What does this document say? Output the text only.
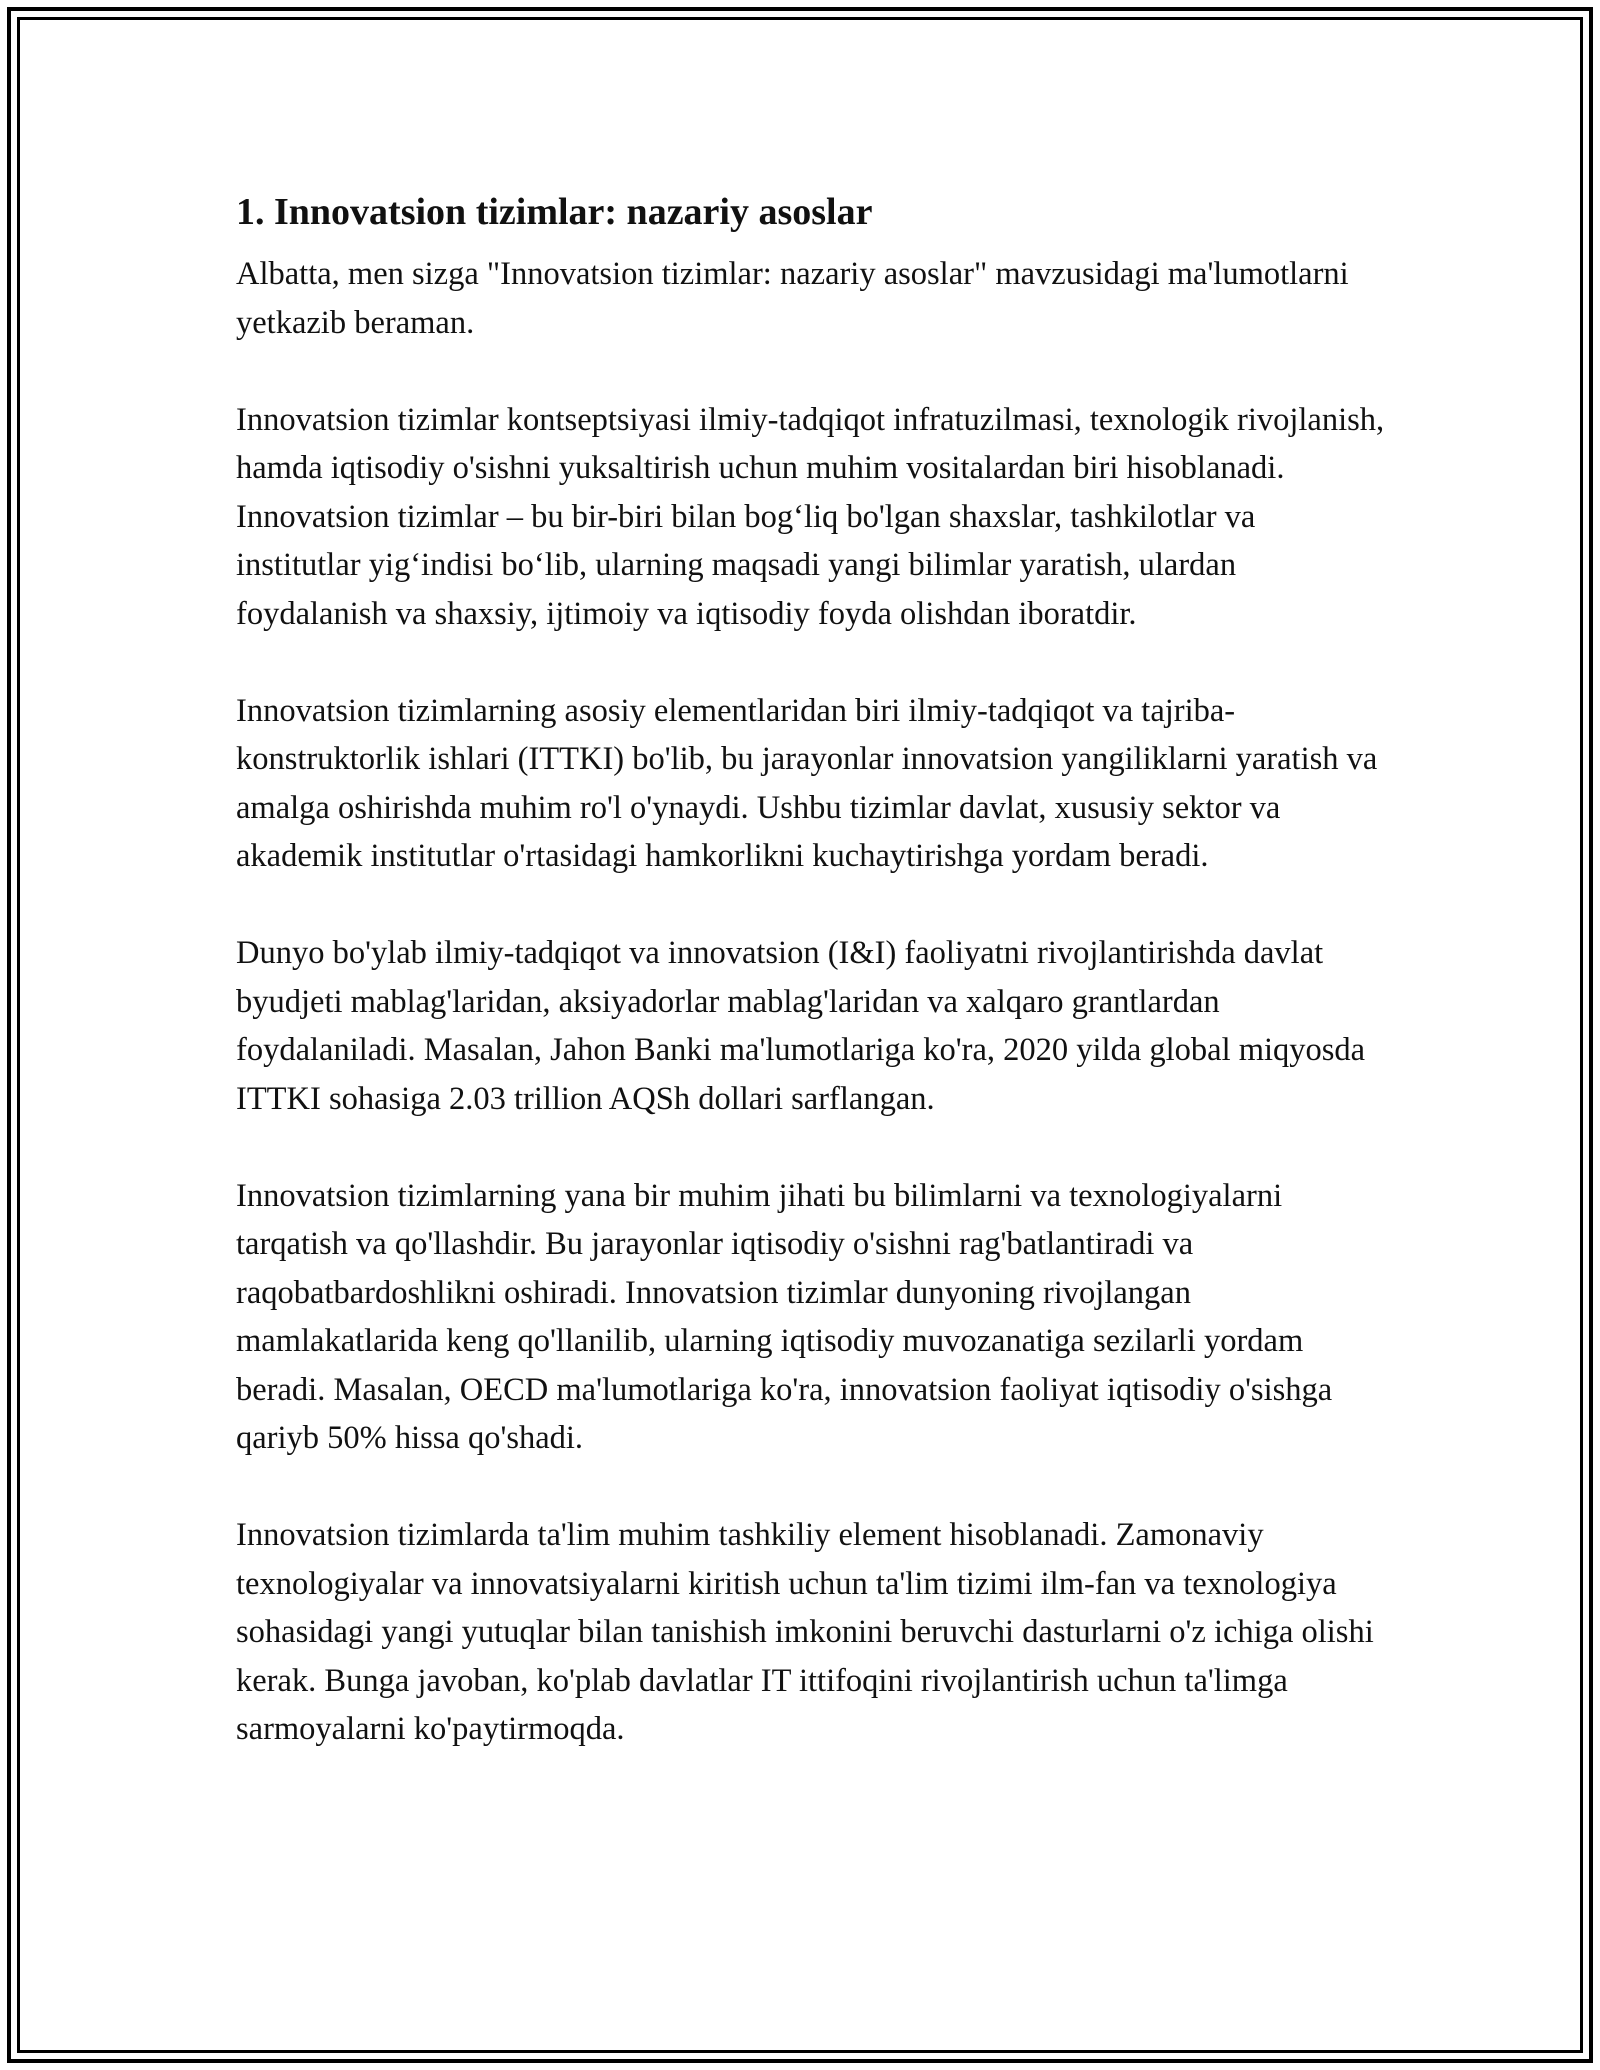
1. Innovatsion tizimlar: nazariy asoslar

Albatta, men sizga "Innovatsion tizimlar: nazariy asoslar" mavzusidagi ma'lumotlarni yetkazib beraman.

Innovatsion tizimlar kontseptsiyasi ilmiy-tadqiqot infratuzilmasi, texnologik rivojlanish, hamda iqtisodiy o'sishni yuksaltirish uchun muhim vositalardan biri hisoblanadi. Innovatsion tizimlar – bu bir-biri bilan bog‘liq bo'lgan shaxslar, tashkilotlar va institutlar yig‘indisi bo‘lib, ularning maqsadi yangi bilimlar yaratish, ulardan foydalanish va shaxsiy, ijtimoiy va iqtisodiy foyda olishdan iboratdir.

Innovatsion tizimlarning asosiy elementlaridan biri ilmiy-tadqiqot va tajriba-konstruktorlik ishlari (ITTKI) bo'lib, bu jarayonlar innovatsion yangiliklarni yaratish va amalga oshirishda muhim ro'l o'ynaydi. Ushbu tizimlar davlat, xususiy sektor va akademik institutlar o'rtasidagi hamkorlikni kuchaytirishga yordam beradi.

Dunyo bo'ylab ilmiy-tadqiqot va innovatsion (I&I) faoliyatni rivojlantirishda davlat byudjeti mablag'laridan, aksiyadorlar mablag'laridan va xalqaro grantlardan foydalaniladi. Masalan, Jahon Banki ma'lumotlariga ko'ra, 2020 yilda global miqyosda ITTKI sohasiga 2.03 trillion AQSh dollari sarflangan.

Innovatsion tizimlarning yana bir muhim jihati bu bilimlarni va texnologiyalarni tarqatish va qo'llashdir. Bu jarayonlar iqtisodiy o'sishni rag'batlantiradi va raqobatbardoshlikni oshiradi. Innovatsion tizimlar dunyoning rivojlangan mamlakatlarida keng qo'llanilib, ularning iqtisodiy muvozanatiga sezilarli yordam beradi. Masalan, OECD ma'lumotlariga ko'ra, innovatsion faoliyat iqtisodiy o'sishga qariyb 50% hissa qo'shadi.

Innovatsion tizimlarda ta'lim muhim tashkiliy element hisoblanadi. Zamonaviy texnologiyalar va innovatsiyalarni kiritish uchun ta'lim tizimi ilm-fan va texnologiya sohasidagi yangi yutuqlar bilan tanishish imkonini beruvchi dasturlarni o'z ichiga olishi kerak. Bunga javoban, ko'plab davlatlar IT ittifoqini rivojlantirish uchun ta'limga sarmoyalarni ko'paytirmoqda.
